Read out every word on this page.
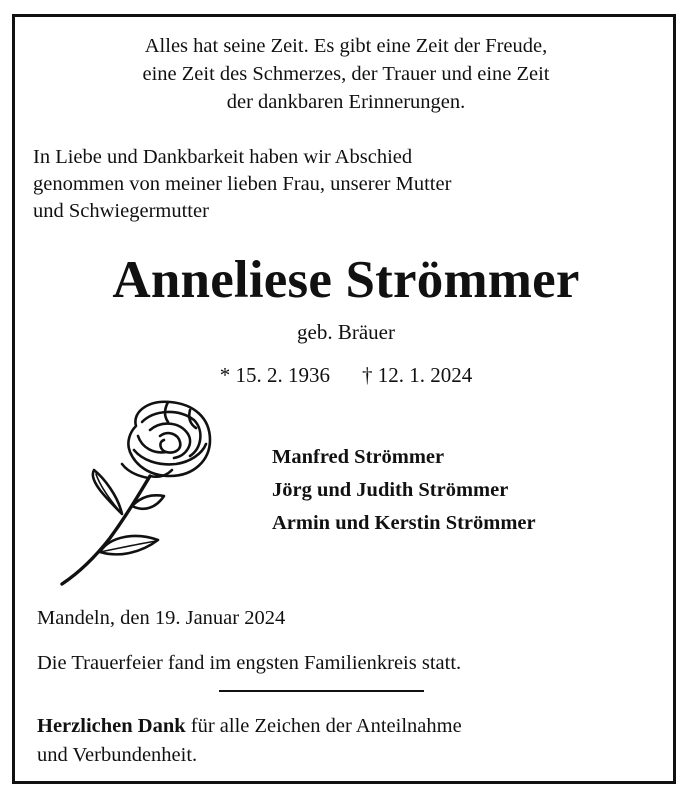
Alles hat seine Zeit. Es gibt eine Zeit der Freude,
eine Zeit des Schmerzes, der Trauer und eine Zeit
der dankbaren Erinnerungen.
In Liebe und Dankbarkeit haben wir Abschied
genommen von meiner lieben Frau, unserer Mutter
und Schwiegermutter
Anneliese Strömmer
geb. Bräuer
* 15. 2. 1936 † 12. 1. 2024
Manfred Strömmer
Jörg und Judith Strömmer
Armin und Kerstin Strömmer
Mandeln, den 19. Januar 2024
Die Trauerfeier fand im engsten Familienkreis statt.
Herzlichen Dank für alle Zeichen der Anteilnahme
und Verbundenheit.
